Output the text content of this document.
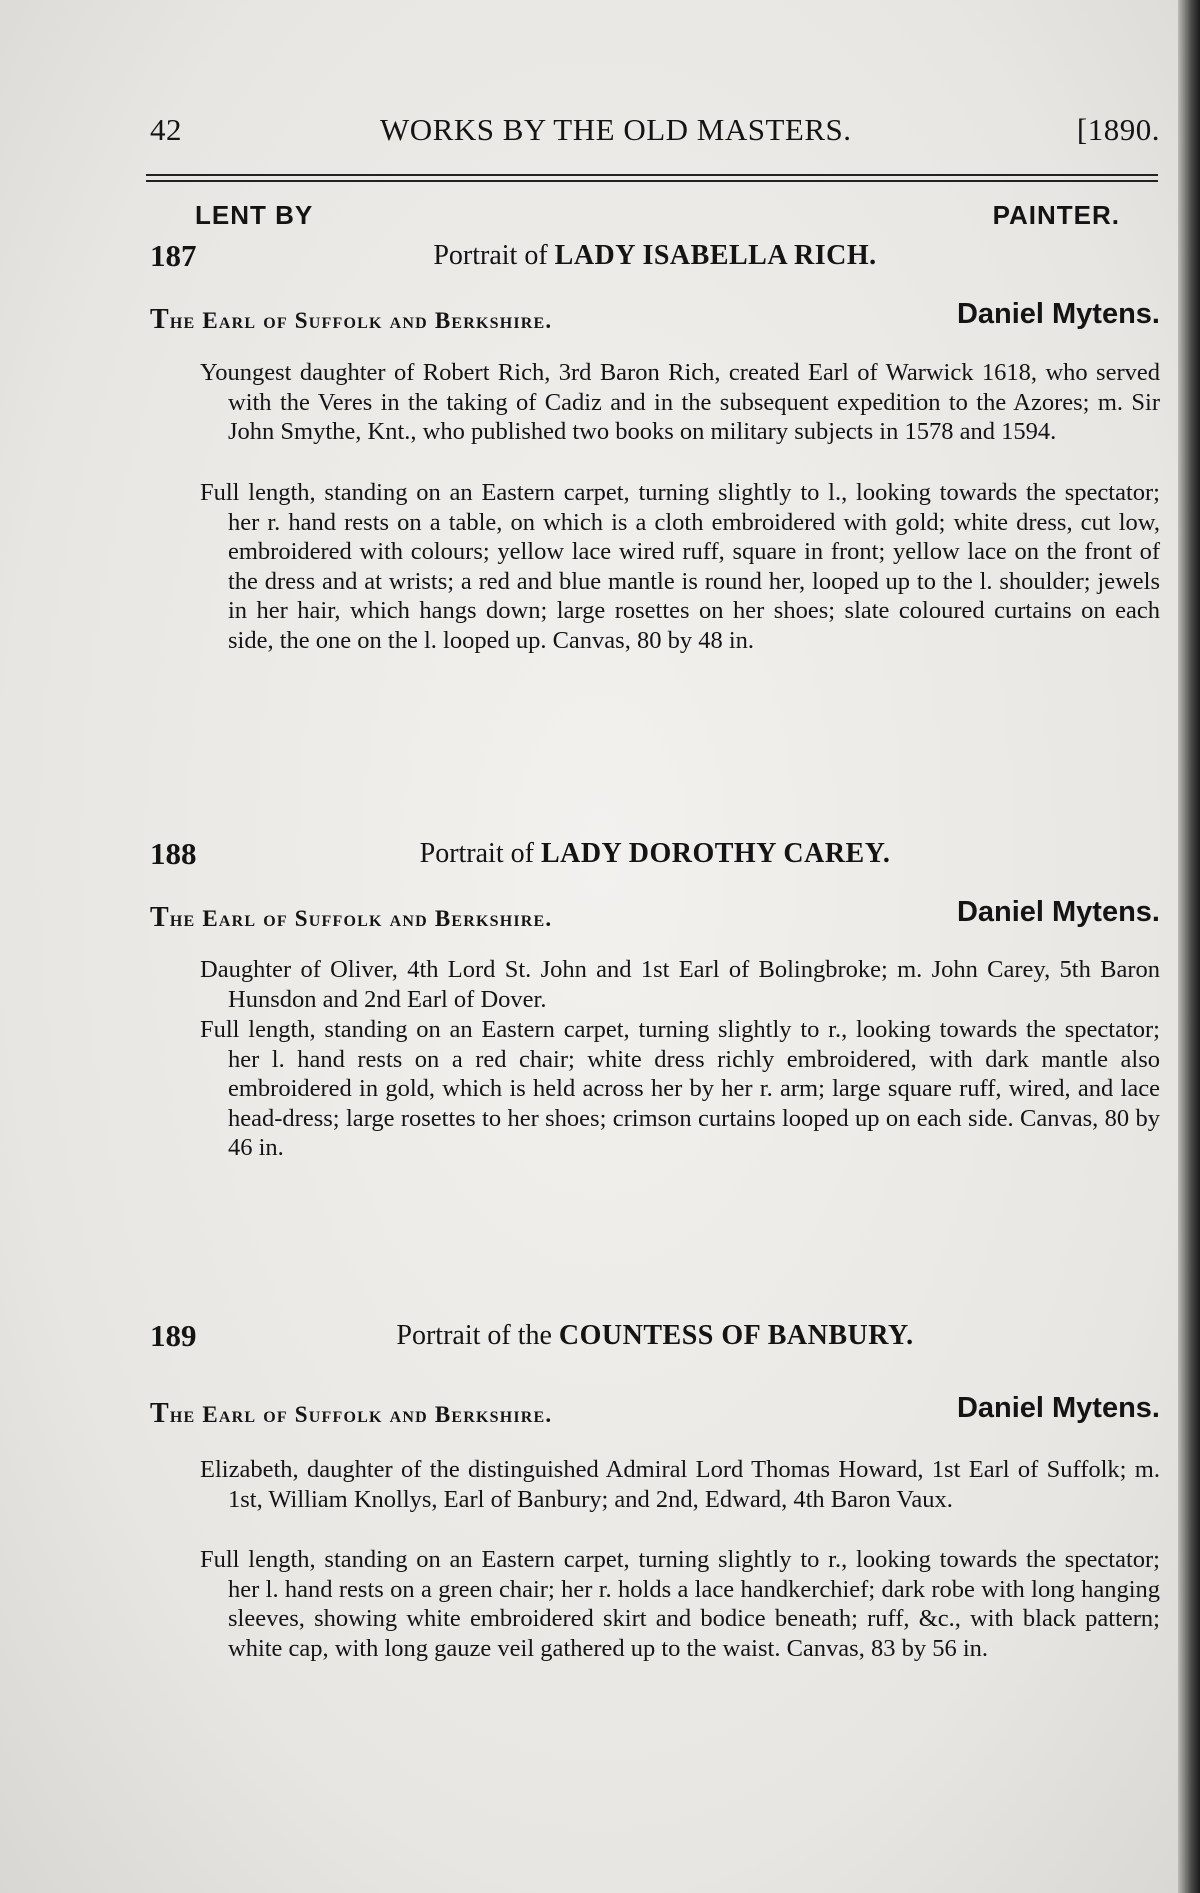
42	WORKS BY THE OLD MASTERS.	[1890.
LENT BY	PAINTER.
187	Portrait of LADY ISABELLA RICH.
The Earl of Suffolk and Berkshire.	Daniel Mytens.

Youngest daughter of Robert Rich, 3rd Baron Rich, created Earl of Warwick 1618, who served with the Veres in the taking of Cadiz and in the subsequent expedition to the Azores; m. Sir John Smythe, Knt., who published two books on military subjects in 1578 and 1594.

Full length, standing on an Eastern carpet, turning slightly to l., looking towards the spectator; her r. hand rests on a table, on which is a cloth embroidered with gold; white dress, cut low, embroidered with colours; yellow lace wired ruff, square in front; yellow lace on the front of the dress and at wrists; a red and blue mantle is round her, looped up to the l. shoulder; jewels in her hair, which hangs down; large rosettes on her shoes; slate coloured curtains on each side, the one on the l. looped up. Canvas, 80 by 48 in.

188	Portrait of LADY DOROTHY CAREY.
The Earl of Suffolk and Berkshire.	Daniel Mytens.

Daughter of Oliver, 4th Lord St. John and 1st Earl of Bolingbroke; m. John Carey, 5th Baron Hunsdon and 2nd Earl of Dover.

Full length, standing on an Eastern carpet, turning slightly to r., looking towards the spectator; her l. hand rests on a red chair; white dress richly embroidered, with dark mantle also embroidered in gold, which is held across her by her r. arm; large square ruff, wired, and lace head-dress; large rosettes to her shoes; crimson curtains looped up on each side. Canvas, 80 by 46 in.

189	Portrait of the COUNTESS OF BANBURY.
The Earl of Suffolk and Berkshire.	Daniel Mytens.

Elizabeth, daughter of the distinguished Admiral Lord Thomas Howard, 1st Earl of Suffolk; m. 1st, William Knollys, Earl of Banbury; and 2nd, Edward, 4th Baron Vaux.

Full length, standing on an Eastern carpet, turning slightly to r., looking towards the spectator; her l. hand rests on a green chair; her r. holds a lace handkerchief; dark robe with long hanging sleeves, showing white embroidered skirt and bodice beneath; ruff, &c., with black pattern; white cap, with long gauze veil gathered up to the waist. Canvas, 83 by 56 in.
